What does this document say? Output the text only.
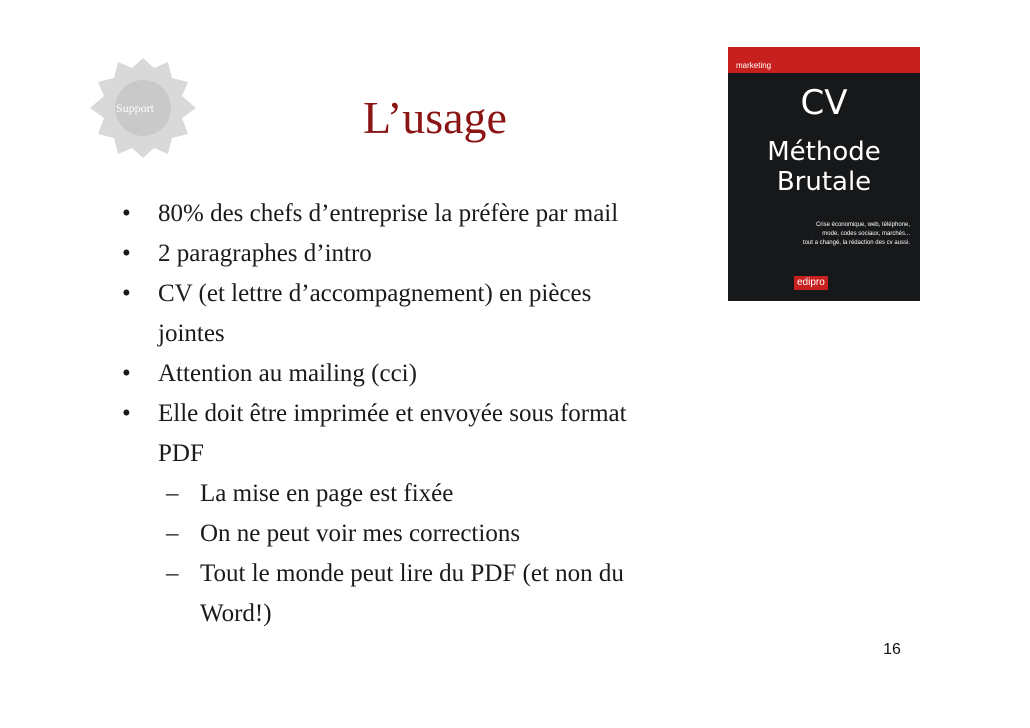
Support	L’usage
• 80% des chefs d’entreprise la préfère par mail
• 2 paragraphes d’intro
• CV (et lettre d’accompagnement) en pièces
jointes
• Attention au mailing (cci)
• Elle doit être imprimée et envoyée sous format
PDF
– La mise en page est fixée
– On ne peut voir mes corrections
– Tout le monde peut lire du PDF (et non du
Word!)
marketing
CV
Méthode
Brutale
Crise économique, web, téléphone,
mode, codes sociaux, marchés...
tout a changé, la rédaction des cv aussi.
edipro
16
